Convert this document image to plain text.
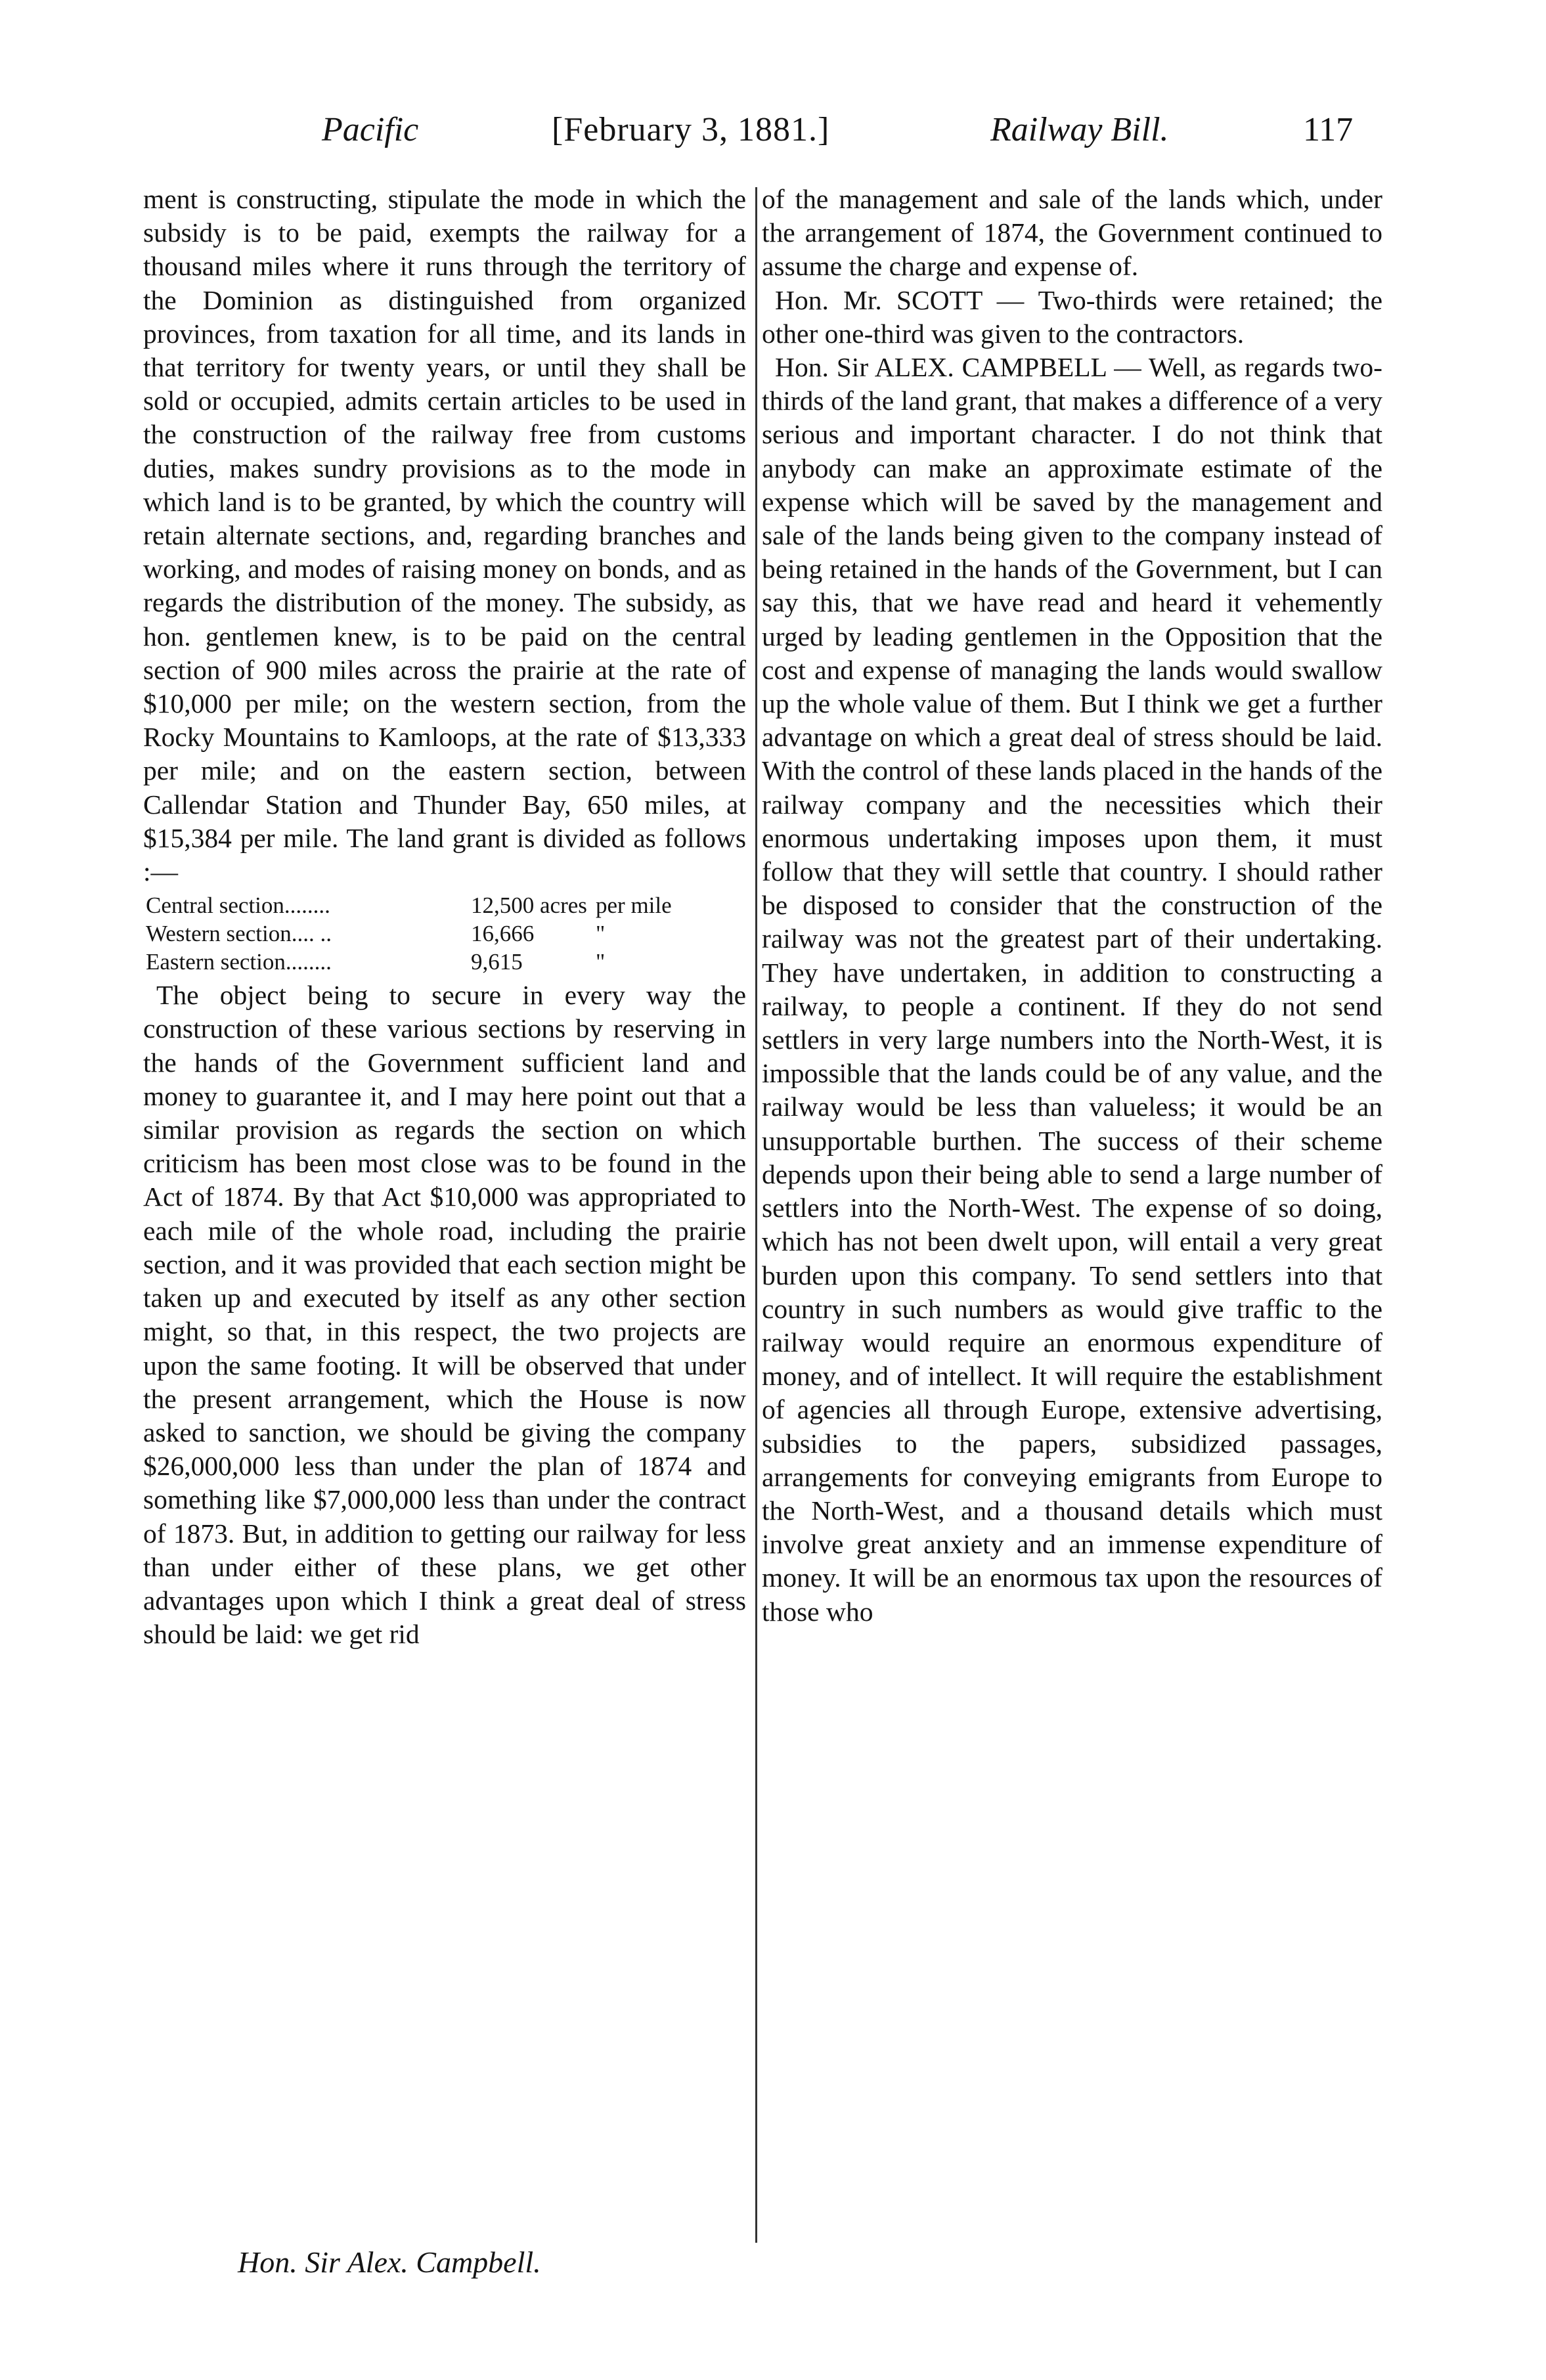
Pacific	[February 3, 1881.]	Railway Bill.	117

ment is constructing, stipulate the mode in which the subsidy is to be paid, exempts the railway for a thousand miles where it runs through the territory of the Dominion as distinguished from organized provinces, from taxation for all time, and its lands in that territory for twenty years, or until they shall be sold or occupied, admits certain articles to be used in the construction of the railway free from customs duties, makes sundry provisions as to the mode in which land is to be granted, by which the country will retain alternate sections, and, regarding branches and working, and modes of raising money on bonds, and as regards the distribution of the money. The subsidy, as hon. gentlemen knew, is to be paid on the central section of 900 miles across the prairie at the rate of $10,000 per mile; on the western section, from the Rocky Mountains to Kamloops, at the rate of $13,333 per mile; and on the eastern section, between Callendar Station and Thunder Bay, 650 miles, at $15,384 per mile. The land grant is divided as follows :—

Central section........	12,500 acres per mile
Western section.... ..	16,666	"
Eastern section........	9,615	"

The object being to secure in every way the construction of these various sections by reserving in the hands of the Government sufficient land and money to guarantee it, and I may here point out that a similar provision as regards the section on which criticism has been most close was to be found in the Act of 1874. By that Act $10,000 was appropriated to each mile of the whole road, including the prairie section, and it was provided that each section might be taken up and executed by itself as any other section might, so that, in this respect, the two projects are upon the same footing. It will be observed that under the present arrangement, which the House is now asked to sanction, we should be giving the company $26,000,000 less than under the plan of 1874 and something like $7,000,000 less than under the contract of 1873. But, in addition to getting our railway for less than under either of these plans, we get other advantages upon which I think a great deal of stress should be laid: we get rid

of the management and sale of the lands which, under the arrangement of 1874, the Government continued to assume the charge and expense of.

Hon. Mr. SCOTT — Two-thirds were retained; the other one-third was given to the contractors.

Hon. Sir ALEX. CAMPBELL — Well, as regards two-thirds of the land grant, that makes a difference of a very serious and important character. I do not think that anybody can make an approximate estimate of the expense which will be saved by the management and sale of the lands being given to the company instead of being retained in the hands of the Government, but I can say this, that we have read and heard it vehemently urged by leading gentlemen in the Opposition that the cost and expense of managing the lands would swallow up the whole value of them. But I think we get a further advantage on which a great deal of stress should be laid. With the control of these lands placed in the hands of the railway company and the necessities which their enormous undertaking imposes upon them, it must follow that they will settle that country. I should rather be disposed to consider that the construction of the railway was not the greatest part of their undertaking. They have undertaken, in addition to constructing a railway, to people a continent. If they do not send settlers in very large numbers into the North-West, it is impossible that the lands could be of any value, and the railway would be less than valueless; it would be an unsupportable burthen. The success of their scheme depends upon their being able to send a large number of settlers into the North-West. The expense of so doing, which has not been dwelt upon, will entail a very great burden upon this company. To send settlers into that country in such numbers as would give traffic to the railway would require an enormous expenditure of money, and of intellect. It will require the establishment of agencies all through Europe, extensive advertising, subsidies to the papers, subsidized passages, arrangements for conveying emigrants from Europe to the North-West, and a thousand details which must involve great anxiety and an immense expenditure of money. It will be an enormous tax upon the resources of those who

Hon. Sir Alex. Campbell.
